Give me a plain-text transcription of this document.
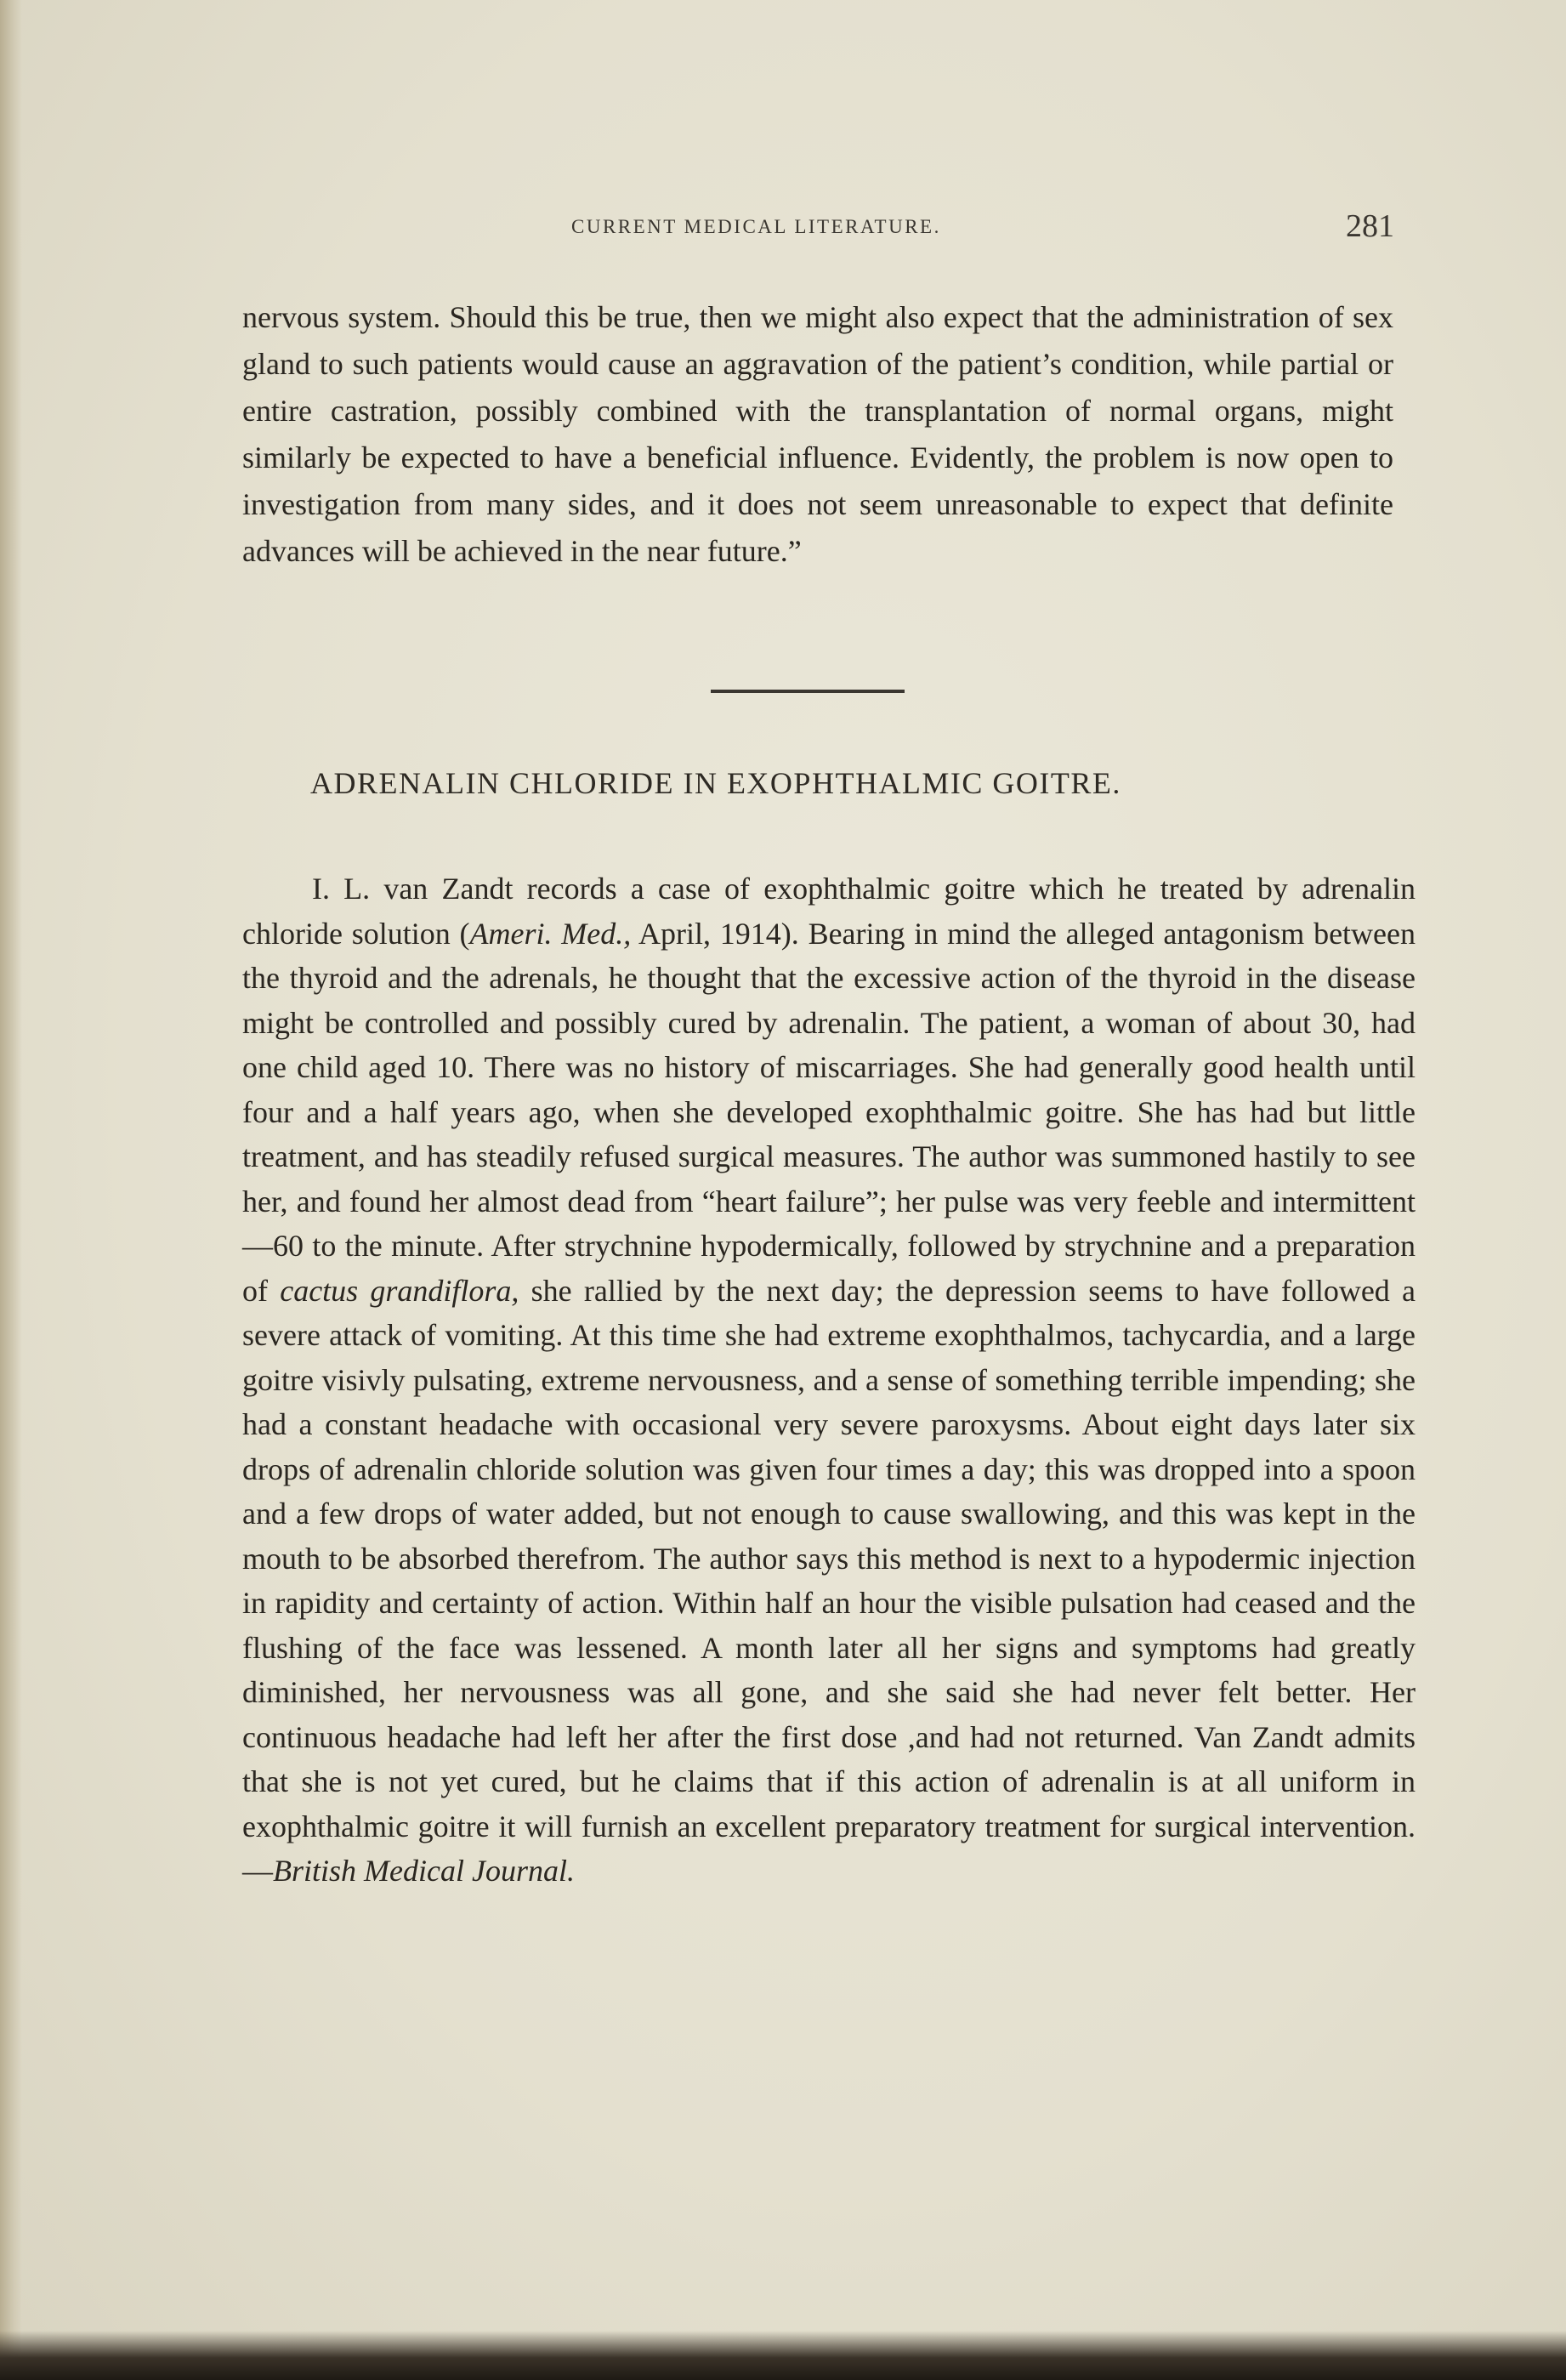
CURRENT MEDICAL LITERATURE.	281

nervous system. Should this be true, then we might also expect that the administration of sex gland to such patients would cause an aggravation of the patient’s condition, while partial or entire castration, possibly combined with the transplantation of normal organs, might similarly be expected to have a beneficial influence. Evidently, the problem is now open to investigation from many sides, and it does not seem unreasonable to expect that definite advances will be achieved in the near future.”

ADRENALIN CHLORIDE IN EXOPHTHALMIC GOITRE.

I. L. van Zandt records a case of exophthalmic goitre which he treated by adrenalin chloride solution (Ameri. Med., April, 1914). Bearing in mind the alleged antagonism between the thyroid and the adrenals, he thought that the excessive action of the thyroid in the disease might be controlled and possibly cured by adrenalin. The patient, a woman of about 30, had one child aged 10. There was no history of miscarriages. She had generally good health until four and a half years ago, when she developed exophthalmic goitre. She has had but little treatment, and has steadily refused surgical measures. The author was summoned hastily to see her, and found her almost dead from “heart failure”; her pulse was very feeble and intermittent—60 to the minute. After strychnine hypodermically, followed by strychnine and a preparation of cactus grandiflora, she rallied by the next day; the depression seems to have followed a severe attack of vomiting. At this time she had extreme exophthalmos, tachycardia, and a large goitre visivly pulsating, extreme nervousness, and a sense of something terrible impending; she had a constant headache with occasional very severe paroxysms. About eight days later six drops of adrenalin chloride solution was given four times a day; this was dropped into a spoon and a few drops of water added, but not enough to cause swallowing, and this was kept in the mouth to be absorbed therefrom. The author says this method is next to a hypodermic injection in rapidity and certainty of action. Within half an hour the visible pulsation had ceased and the flushing of the face was lessened. A month later all her signs and symptoms had greatly diminished, her nervousness was all gone, and she said she had never felt better. Her continuous headache had left her after the first dose ,and had not returned. Van Zandt admits that she is not yet cured, but he claims that if this action of adrenalin is at all uniform in exophthalmic goitre it will furnish an excellent preparatory treatment for surgical intervention.—British Medical Journal.
